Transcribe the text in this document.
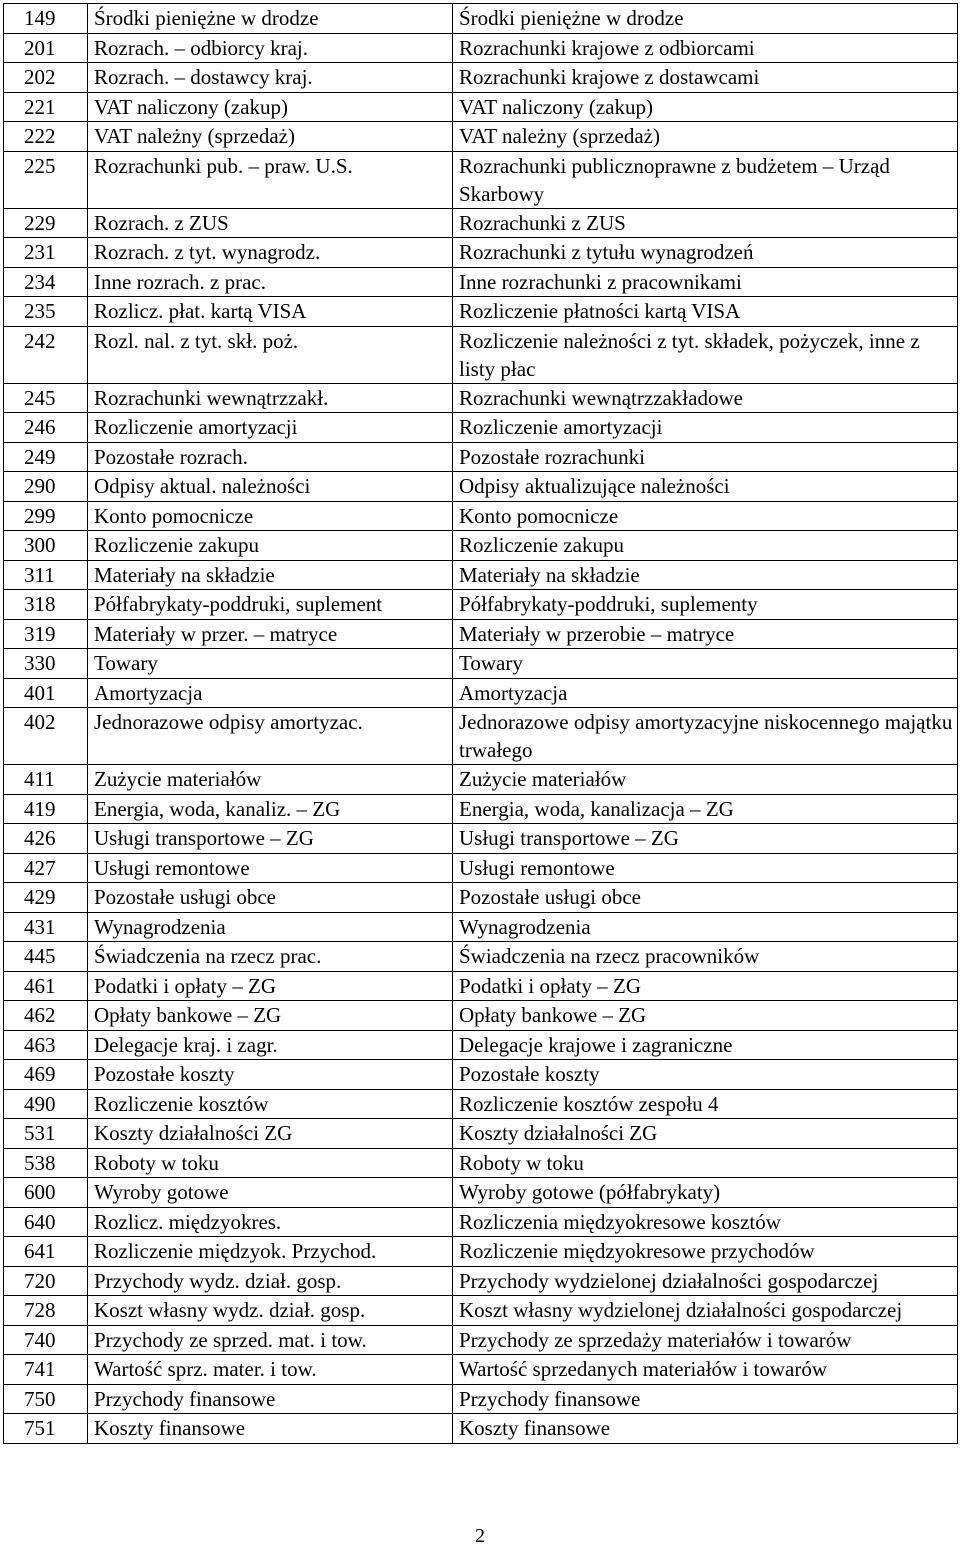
149	Środki pieniężne w drodze	Środki pieniężne w drodze
201	Rozrach. – odbiorcy kraj.	Rozrachunki krajowe z odbiorcami
202	Rozrach. – dostawcy kraj.	Rozrachunki krajowe z dostawcami
221	VAT naliczony (zakup)	VAT naliczony (zakup)
222	VAT należny (sprzedaż)	VAT należny (sprzedaż)
225	Rozrachunki pub. – praw. U.S.	Rozrachunki publicznoprawne z budżetem – Urząd Skarbowy
229	Rozrach. z ZUS	Rozrachunki z ZUS
231	Rozrach. z tyt. wynagrodz.	Rozrachunki z tytułu wynagrodzeń
234	Inne rozrach. z prac.	Inne rozrachunki z pracownikami
235	Rozlicz. płat. kartą VISA	Rozliczenie płatności kartą VISA
242	Rozl. nal. z tyt. skł. poż.	Rozliczenie należności z tyt. składek, pożyczek, inne z listy płac
245	Rozrachunki wewnątrzzakł.	Rozrachunki wewnątrzzakładowe
246	Rozliczenie amortyzacji	Rozliczenie amortyzacji
249	Pozostałe rozrach.	Pozostałe rozrachunki
290	Odpisy aktual. należności	Odpisy aktualizujące należności
299	Konto pomocnicze	Konto pomocnicze
300	Rozliczenie zakupu	Rozliczenie zakupu
311	Materiały na składzie	Materiały na składzie
318	Półfabrykaty-poddruki, suplement	Półfabrykaty-poddruki, suplementy
319	Materiały w przer. – matryce	Materiały w przerobie – matryce
330	Towary	Towary
401	Amortyzacja	Amortyzacja
402	Jednorazowe odpisy amortyzac.	Jednorazowe odpisy amortyzacyjne niskocennego majątku trwałego
411	Zużycie materiałów	Zużycie materiałów
419	Energia, woda, kanaliz. – ZG	Energia, woda, kanalizacja – ZG
426	Usługi transportowe – ZG	Usługi transportowe – ZG
427	Usługi remontowe	Usługi remontowe
429	Pozostałe usługi obce	Pozostałe usługi obce
431	Wynagrodzenia	Wynagrodzenia
445	Świadczenia na rzecz prac.	Świadczenia na rzecz pracowników
461	Podatki i opłaty – ZG	Podatki i opłaty – ZG
462	Opłaty bankowe – ZG	Opłaty bankowe – ZG
463	Delegacje kraj. i zagr.	Delegacje krajowe i zagraniczne
469	Pozostałe koszty	Pozostałe koszty
490	Rozliczenie kosztów	Rozliczenie kosztów zespołu 4
531	Koszty działalności ZG	Koszty działalności ZG
538	Roboty w toku	Roboty w toku
600	Wyroby gotowe	Wyroby gotowe (półfabrykaty)
640	Rozlicz. międzyokres.	Rozliczenia międzyokresowe kosztów
641	Rozliczenie międzyok. Przychod.	Rozliczenie międzyokresowe przychodów
720	Przychody wydz. dział. gosp.	Przychody wydzielonej działalności gospodarczej
728	Koszt własny wydz. dział. gosp.	Koszt własny wydzielonej działalności gospodarczej
740	Przychody ze sprzed. mat. i tow.	Przychody ze sprzedaży materiałów i towarów
741	Wartość sprz. mater. i tow.	Wartość sprzedanych materiałów i towarów
750	Przychody finansowe	Przychody finansowe
751	Koszty finansowe	Koszty finansowe
2
